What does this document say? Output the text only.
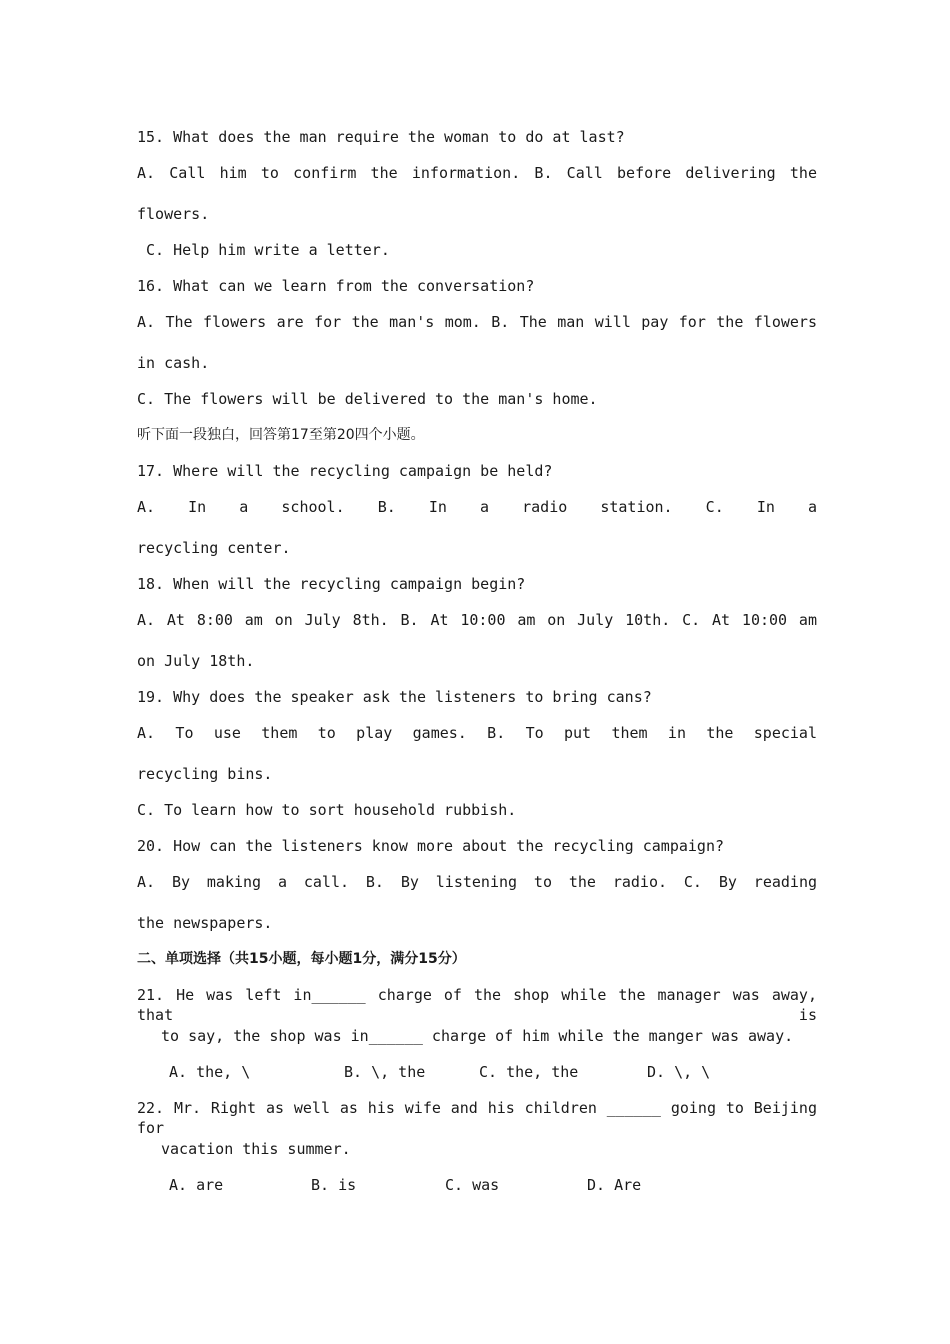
15. What does the man require the woman to do at last?
A. Call him to confirm the information. B. Call before delivering the
flowers.
C. Help him write a letter.
16. What can we learn from the conversation?
A. The flowers are for the man's mom. B. The man will pay for the flowers
in cash.
C. The flowers will be delivered to the man's home.
听下面一段独白，回答第17至第20四个小题。
17. Where will the recycling campaign be held?
A. In a school. B. In a radio station. C. In a
recycling center.
18. When will the recycling campaign begin?
A. At 8:00 am on July 8th. B. At 10:00 am on July 10th. C. At 10:00 am
on July 18th.
19. Why does the speaker ask the listeners to bring cans?
A. To use them to play games. B. To put them in the special
recycling bins.
C. To learn how to sort household rubbish.
20. How can the listeners know more about the recycling campaign?
A. By making a call. B. By listening to the radio. C. By reading
the newspapers.
二、单项选择（共15小题，每小题1分，满分15分）
21. He was left in______ charge of the shop while the manager was away, that is
to say, the shop was in______ charge of him while the manger was away.
A. the, \	B. \, the	C. the, the	D. \, \
22. Mr. Right as well as his wife and his children ______ going to Beijing for
vacation this summer.
A. are	B. is	C. was	D. Are
